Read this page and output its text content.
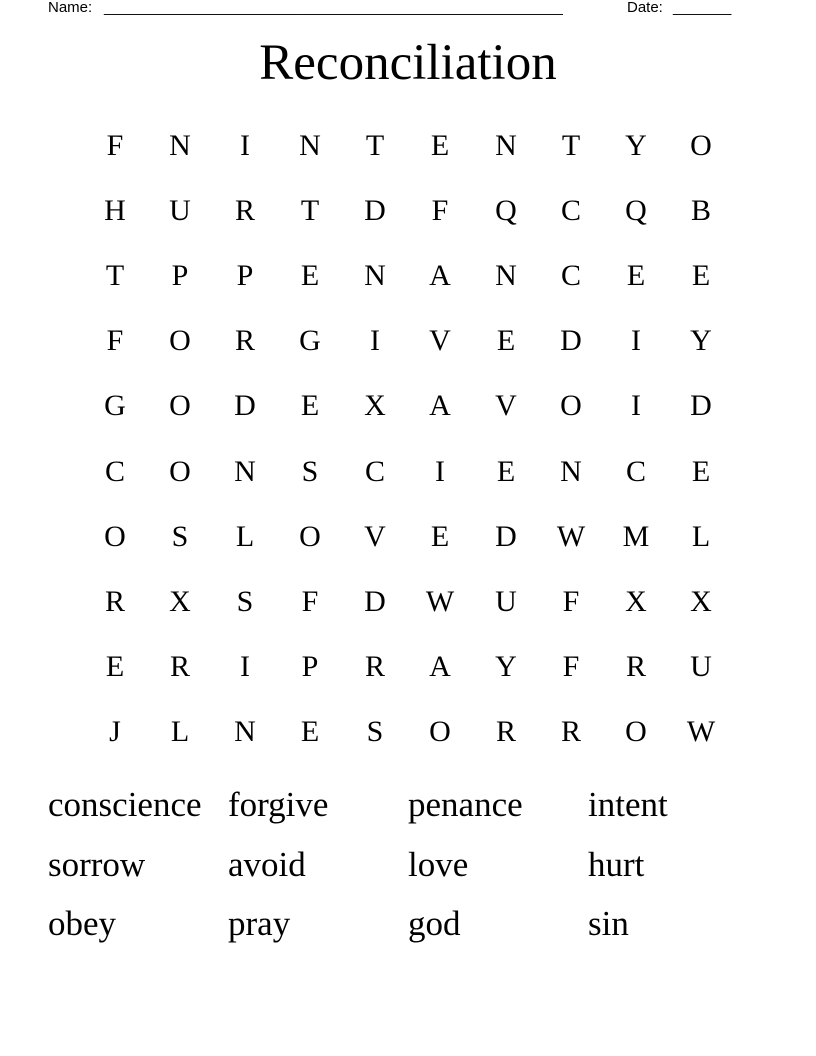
Name: _______________________________________________________	Date: _______
Reconciliation
F	N	I	N	T	E	N	T	Y	O
H	U	R	T	D	F	Q	C	Q	B
T	P	P	E	N	A	N	C	E	E
F	O	R	G	I	V	E	D	I	Y
G	O	D	E	X	A	V	O	I	D
C	O	N	S	C	I	E	N	C	E
O	S	L	O	V	E	D	W	M	L
R	X	S	F	D	W	U	F	X	X
E	R	I	P	R	A	Y	F	R	U
J	L	N	E	S	O	R	R	O	W
conscience forgive penance intent
sorrow avoid	love	hurt
obey	pray	god	sin
